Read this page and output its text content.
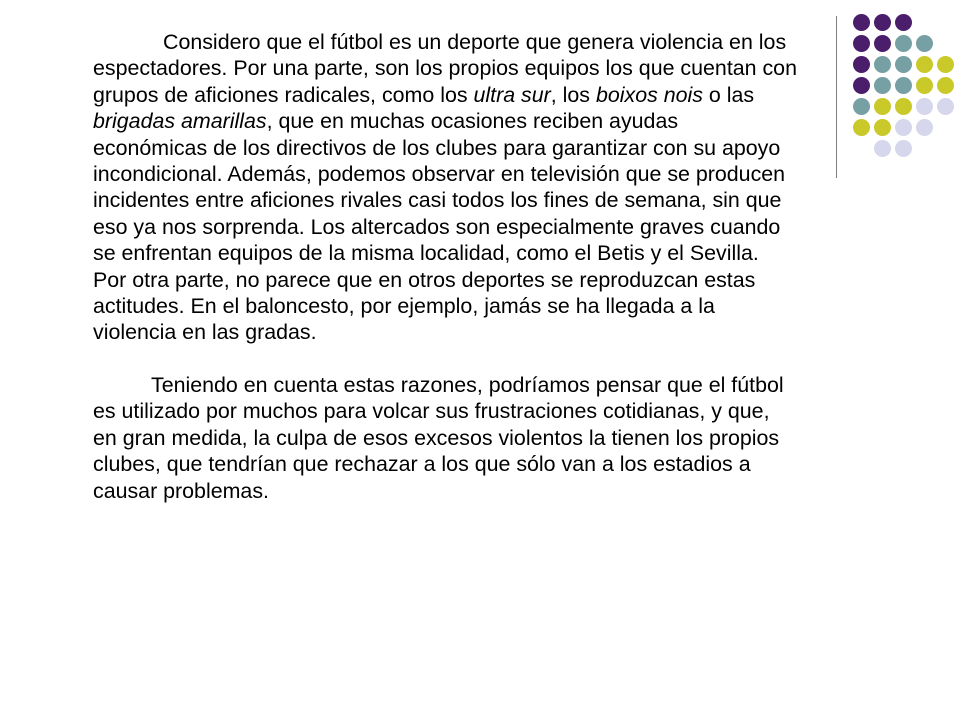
Considero que el fútbol es un deporte que genera violencia en los espectadores. Por una parte, son los propios equipos los que cuentan con grupos de aficiones radicales, como los ultra sur, los boixos nois o las brigadas amarillas, que en muchas ocasiones reciben ayudas económicas de los directivos de los clubes para garantizar con su apoyo incondicional. Además, podemos observar en televisión que se producen incidentes entre aficiones rivales casi todos los fines de semana, sin que eso ya nos sorprenda. Los altercados son especialmente graves cuando se enfrentan equipos de la misma localidad, como el Betis y el Sevilla. Por otra parte, no parece que en otros deportes se reproduzcan estas actitudes. En el baloncesto, por ejemplo, jamás se ha llegada a la violencia en las gradas.

Teniendo en cuenta estas razones, podríamos pensar que el fútbol es utilizado por muchos para volcar sus frustraciones cotidianas, y que, en gran medida, la culpa de esos excesos violentos la tienen los propios clubes, que tendrían que rechazar a los que sólo van a los estadios a causar problemas.
